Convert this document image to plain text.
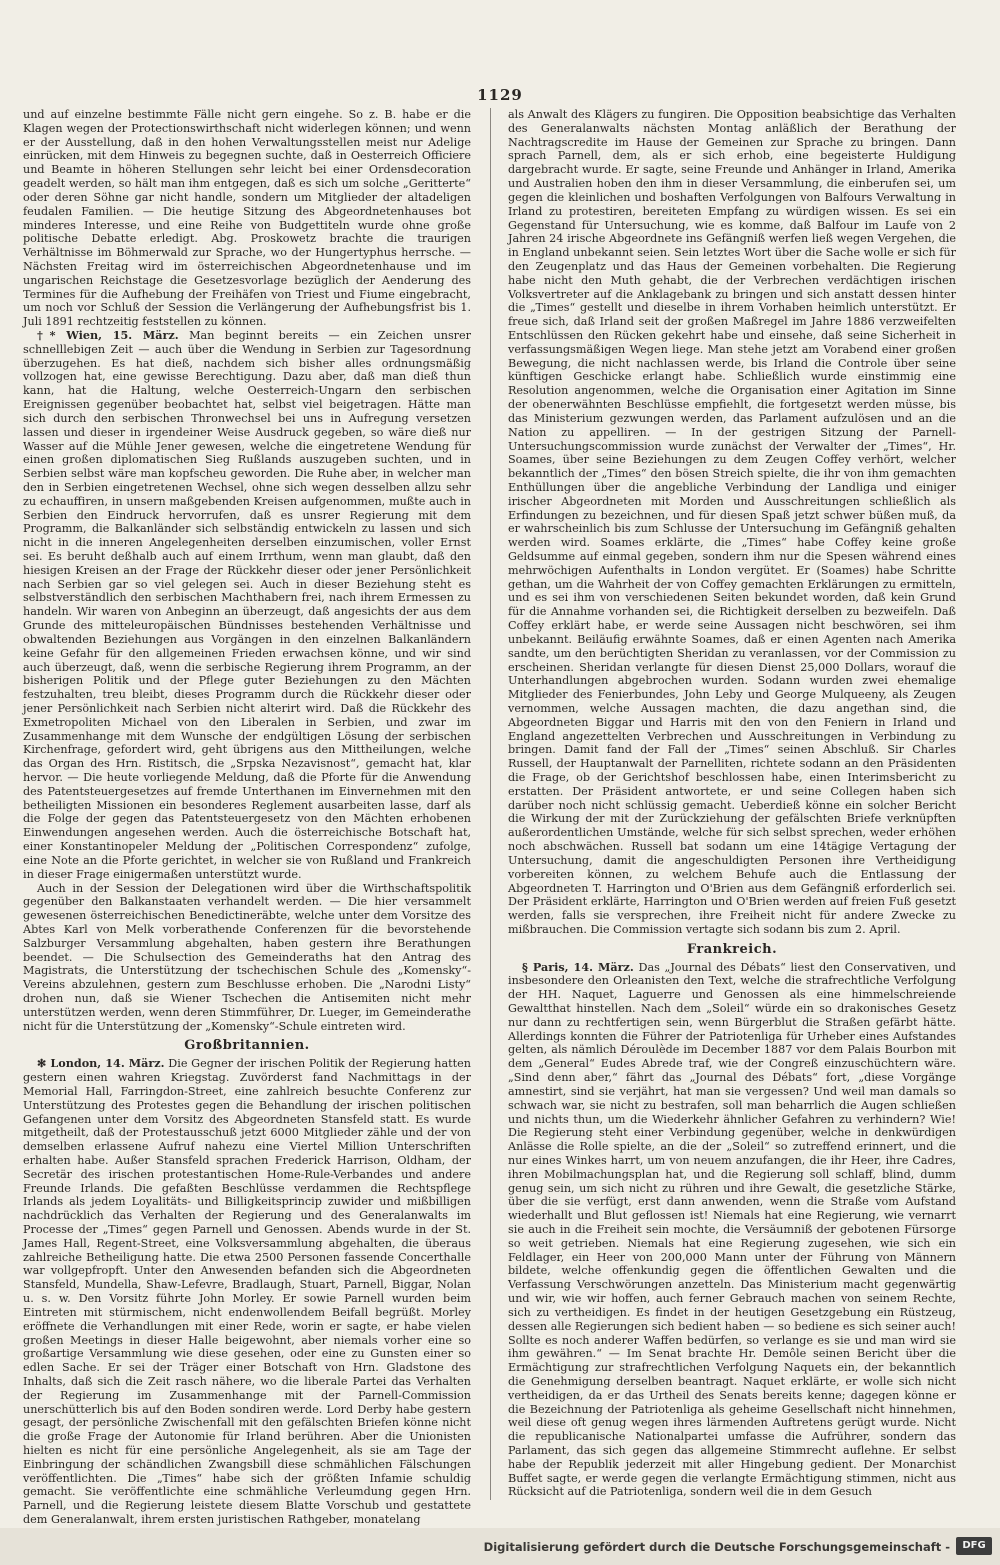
1129

und auf einzelne bestimmte Fälle nicht gern eingehe. So z. B. habe er die Klagen wegen der Protectionswirthschaft nicht widerlegen können; und wenn er der Ausstellung, daß in den hohen Verwaltungsstellen meist nur Adelige einrücken, mit dem Hinweis zu begegnen suchte, daß in Oesterreich Officiere und Beamte in höheren Stellungen sehr leicht bei einer Ordensdecoration geadelt werden, so hält man ihm entgegen, daß es sich um solche „Geritterte“ oder deren Söhne gar nicht handle, sondern um Mitglieder der altadeligen feudalen Familien. — Die heutige Sitzung des Abgeordnetenhauses bot minderes Interesse, und eine Reihe von Budgettiteln wurde ohne große politische Debatte erledigt. Abg. Proskowetz brachte die traurigen Verhältnisse im Böhmerwald zur Sprache, wo der Hungertyphus herrsche. — Nächsten Freitag wird im österreichischen Abgeordnetenhause und im ungarischen Reichstage die Gesetzesvorlage bezüglich der Aenderung des Termines für die Aufhebung der Freihäfen von Triest und Fiume eingebracht, um noch vor Schluß der Session die Verlängerung der Aufhebungsfrist bis 1. Juli 1891 rechtzeitig feststellen zu können.

†* Wien, 15. März. Man beginnt bereits — ein Zeichen unsrer schnelllebigen Zeit — auch über die Wendung in Serbien zur Tagesordnung überzugehen. Es hat dieß, nachdem sich bisher alles ordnungsmäßig vollzogen hat, eine gewisse Berechtigung. Dazu aber, daß man dieß thun kann, hat die Haltung, welche Oesterreich-Ungarn den serbischen Ereignissen gegenüber beobachtet hat, selbst viel beigetragen. Hätte man sich durch den serbischen Thronwechsel bei uns in Aufregung versetzen lassen und dieser in irgendeiner Weise Ausdruck gegeben, so wäre dieß nur Wasser auf die Mühle Jener gewesen, welche die eingetretene Wendung für einen großen diplomatischen Sieg Rußlands auszugeben suchten, und in Serbien selbst wäre man kopfscheu geworden. Die Ruhe aber, in welcher man den in Serbien eingetretenen Wechsel, ohne sich wegen desselben allzu sehr zu echauffiren, in unsern maßgebenden Kreisen aufgenommen, mußte auch in Serbien den Eindruck hervorrufen, daß es unsrer Regierung mit dem Programm, die Balkanländer sich selbständig entwickeln zu lassen und sich nicht in die inneren Angelegenheiten derselben einzumischen, voller Ernst sei. Es beruht deßhalb auch auf einem Irrthum, wenn man glaubt, daß den hiesigen Kreisen an der Frage der Rückkehr dieser oder jener Persönlichkeit nach Serbien gar so viel gelegen sei. Auch in dieser Beziehung steht es selbstverständlich den serbischen Machthabern frei, nach ihrem Ermessen zu handeln. Wir waren von Anbeginn an überzeugt, daß angesichts der aus dem Grunde des mitteleuropäischen Bündnisses bestehenden Verhältnisse und obwaltenden Beziehungen aus Vorgängen in den einzelnen Balkanländern keine Gefahr für den allgemeinen Frieden erwachsen könne, und wir sind auch überzeugt, daß, wenn die serbische Regierung ihrem Programm, an der bisherigen Politik und der Pflege guter Beziehungen zu den Mächten festzuhalten, treu bleibt, dieses Programm durch die Rückkehr dieser oder jener Persönlichkeit nach Serbien nicht alterirt wird. Daß die Rückkehr des Exmetropoliten Michael von den Liberalen in Serbien, und zwar im Zusammenhange mit dem Wunsche der endgültigen Lösung der serbischen Kirchenfrage, gefordert wird, geht übrigens aus den Mittheilungen, welche das Organ des Hrn. Ristitsch, die „Srpska Nezavisnost“, gemacht hat, klar hervor. — Die heute vorliegende Meldung, daß die Pforte für die Anwendung des Patentsteuergesetzes auf fremde Unterthanen im Einvernehmen mit den betheiligten Missionen ein besonderes Reglement ausarbeiten lasse, darf als die Folge der gegen das Patentsteuergesetz von den Mächten erhobenen Einwendungen angesehen werden. Auch die österreichische Botschaft hat, einer Konstantinopeler Meldung der „Politischen Correspondenz“ zufolge, eine Note an die Pforte gerichtet, in welcher sie von Rußland und Frankreich in dieser Frage einigermaßen unterstützt wurde.

Auch in der Session der Delegationen wird über die Wirthschaftspolitik gegenüber den Balkanstaaten verhandelt werden. — Die hier versammelt gewesenen österreichischen Benedictineräbte, welche unter dem Vorsitze des Abtes Karl von Melk vorberathende Conferenzen für die bevorstehende Salzburger Versammlung abgehalten, haben gestern ihre Berathungen beendet. — Die Schulsection des Gemeinderaths hat den Antrag des Magistrats, die Unterstützung der tschechischen Schule des „Komensky“-Vereins abzulehnen, gestern zum Beschlusse erhoben. Die „Narodni Listy“ drohen nun, daß sie Wiener Tschechen die Antisemiten nicht mehr unterstützen werden, wenn deren Stimmführer, Dr. Lueger, im Gemeinderathe nicht für die Unterstützung der „Komensky“-Schule eintreten wird.

Großbritannien.

✻ London, 14. März. Die Gegner der irischen Politik der Regierung hatten gestern einen wahren Kriegstag. Zuvörderst fand Nachmittags in der Memorial Hall, Farringdon-Street, eine zahlreich besuchte Conferenz zur Unterstützung des Protestes gegen die Behandlung der irischen politischen Gefangenen unter dem Vorsitz des Abgeordneten Stansfeld statt. Es wurde mitgetheilt, daß der Protestausschuß jetzt 6000 Mitglieder zähle und der von demselben erlassene Aufruf nahezu eine Viertel Million Unterschriften erhalten habe. Außer Stansfeld sprachen Frederick Harrison, Oldham, der Secretär des irischen protestantischen Home-Rule-Verbandes und andere Freunde Irlands. Die gefaßten Beschlüsse verdammen die Rechtspflege Irlands als jedem Loyalitäts- und Billigkeitsprincip zuwider und mißbilligen nachdrücklich das Verhalten der Regierung und des Generalanwalts im Processe der „Times“ gegen Parnell und Genossen. Abends wurde in der St. James Hall, Regent-Street, eine Volksversammlung abgehalten, die überaus zahlreiche Betheiligung hatte. Die etwa 2500 Personen fassende Concerthalle war vollgepfropft. Unter den Anwesenden befanden sich die Abgeordneten Stansfeld, Mundella, Shaw-Lefevre, Bradlaugh, Stuart, Parnell, Biggar, Nolan u. s. w. Den Vorsitz führte John Morley. Er sowie Parnell wurden beim Eintreten mit stürmischem, nicht endenwollendem Beifall begrüßt. Morley eröffnete die Verhandlungen mit einer Rede, worin er sagte, er habe vielen großen Meetings in dieser Halle beigewohnt, aber niemals vorher eine so großartige Versammlung wie diese gesehen, oder eine zu Gunsten einer so edlen Sache. Er sei der Träger einer Botschaft von Hrn. Gladstone des Inhalts, daß sich die Zeit rasch nähere, wo die liberale Partei das Verhalten der Regierung im Zusammenhange mit der Parnell-Commission unerschütterlich bis auf den Boden sondiren werde. Lord Derby habe gestern gesagt, der persönliche Zwischenfall mit den gefälschten Briefen könne nicht die große Frage der Autonomie für Irland berühren. Aber die Unionisten hielten es nicht für eine persönliche Angelegenheit, als sie am Tage der Einbringung der schändlichen Zwangsbill diese schmählichen Fälschungen veröffentlichten. Die „Times“ habe sich der größten Infamie schuldig gemacht. Sie veröffentlichte eine schmähliche Verleumdung gegen Hrn. Parnell, und die Regierung leistete diesem Blatte Vorschub und gestattete dem Generalanwalt, ihrem ersten juristischen Rathgeber, monatelang

als Anwalt des Klägers zu fungiren. Die Opposition beabsichtige das Verhalten des Generalanwalts nächsten Montag anläßlich der Berathung der Nachtragscredite im Hause der Gemeinen zur Sprache zu bringen. Dann sprach Parnell, dem, als er sich erhob, eine begeisterte Huldigung dargebracht wurde. Er sagte, seine Freunde und Anhänger in Irland, Amerika und Australien hoben den ihm in dieser Versammlung, die einberufen sei, um gegen die kleinlichen und boshaften Verfolgungen von Balfours Verwaltung in Irland zu protestiren, bereiteten Empfang zu würdigen wissen. Es sei ein Gegenstand für Untersuchung, wie es komme, daß Balfour im Laufe von 2 Jahren 24 irische Abgeordnete ins Gefängniß werfen ließ wegen Vergehen, die in England unbekannt seien. Sein letztes Wort über die Sache wolle er sich für den Zeugenplatz und das Haus der Gemeinen vorbehalten. Die Regierung habe nicht den Muth gehabt, die der Verbrechen verdächtigen irischen Volksvertreter auf die Anklagebank zu bringen und sich anstatt dessen hinter die „Times“ gestellt und dieselbe in ihrem Vorhaben heimlich unterstützt. Er freue sich, daß Irland seit der großen Maßregel im Jahre 1886 verzweifelten Entschlüssen den Rücken gekehrt habe und einsehe, daß seine Sicherheit in verfassungsmäßigen Wegen liege. Man stehe jetzt am Vorabend einer großen Bewegung, die nicht nachlassen werde, bis Irland die Controle über seine künftigen Geschicke erlangt habe. Schließlich wurde einstimmig eine Resolution angenommen, welche die Organisation einer Agitation im Sinne der obenerwähnten Beschlüsse empfiehlt, die fortgesetzt werden müsse, bis das Ministerium gezwungen werden, das Parlament aufzulösen und an die Nation zu appelliren. — In der gestrigen Sitzung der Parnell-Untersuchungscommission wurde zunächst der Verwalter der „Times“, Hr. Soames, über seine Beziehungen zu dem Zeugen Coffey verhört, welcher bekanntlich der „Times“ den bösen Streich spielte, die ihr von ihm gemachten Enthüllungen über die angebliche Verbindung der Landliga und einiger irischer Abgeordneten mit Morden und Ausschreitungen schließlich als Erfindungen zu bezeichnen, und für diesen Spaß jetzt schwer büßen muß, da er wahrscheinlich bis zum Schlusse der Untersuchung im Gefängniß gehalten werden wird. Soames erklärte, die „Times“ habe Coffey keine große Geldsumme auf einmal gegeben, sondern ihm nur die Spesen während eines mehrwöchigen Aufenthalts in London vergütet. Er (Soames) habe Schritte gethan, um die Wahrheit der von Coffey gemachten Erklärungen zu ermitteln, und es sei ihm von verschiedenen Seiten bekundet worden, daß kein Grund für die Annahme vorhanden sei, die Richtigkeit derselben zu bezweifeln. Daß Coffey erklärt habe, er werde seine Aussagen nicht beschwören, sei ihm unbekannt. Beiläufig erwähnte Soames, daß er einen Agenten nach Amerika sandte, um den berüchtigten Sheridan zu veranlassen, vor der Commission zu erscheinen. Sheridan verlangte für diesen Dienst 25,000 Dollars, worauf die Unterhandlungen abgebrochen wurden. Sodann wurden zwei ehemalige Mitglieder des Fenierbundes, John Leby und George Mulqueeny, als Zeugen vernommen, welche Aussagen machten, die dazu angethan sind, die Abgeordneten Biggar und Harris mit den von den Feniern in Irland und England angezettelten Verbrechen und Ausschreitungen in Verbindung zu bringen. Damit fand der Fall der „Times“ seinen Abschluß. Sir Charles Russell, der Hauptanwalt der Parnelliten, richtete sodann an den Präsidenten die Frage, ob der Gerichtshof beschlossen habe, einen Interimsbericht zu erstatten. Der Präsident antwortete, er und seine Collegen haben sich darüber noch nicht schlüssig gemacht. Ueberdieß könne ein solcher Bericht die Wirkung der mit der Zurückziehung der gefälschten Briefe verknüpften außerordentlichen Umstände, welche für sich selbst sprechen, weder erhöhen noch abschwächen. Russell bat sodann um eine 14tägige Vertagung der Untersuchung, damit die angeschuldigten Personen ihre Vertheidigung vorbereiten können, zu welchem Behufe auch die Entlassung der Abgeordneten T. Harrington und O'Brien aus dem Gefängniß erforderlich sei. Der Präsident erklärte, Harrington und O'Brien werden auf freien Fuß gesetzt werden, falls sie versprechen, ihre Freiheit nicht für andere Zwecke zu mißbrauchen. Die Commission vertagte sich sodann bis zum 2. April.

Frankreich.

§ Paris, 14. März. Das „Journal des Débats“ liest den Conservativen, und insbesondere den Orleanisten den Text, welche die strafrechtliche Verfolgung der HH. Naquet, Laguerre und Genossen als eine himmelschreiende Gewaltthat hinstellen. Nach dem „Soleil“ würde ein so drakonisches Gesetz nur dann zu rechtfertigen sein, wenn Bürgerblut die Straßen gefärbt hätte. Allerdings konnten die Führer der Patriotenliga für Urheber eines Aufstandes gelten, als nämlich Déroulède im December 1887 vor dem Palais Bourbon mit dem „General“ Eudes Abrede traf, wie der Congreß einzuschüchtern wäre. „Sind denn aber,“ fährt das „Journal des Débats“ fort, „diese Vorgänge amnestirt, sind sie verjährt, hat man sie vergessen? Und weil man damals so schwach war, sie nicht zu bestrafen, soll man beharrlich die Augen schließen und nichts thun, um die Wiederkehr ähnlicher Gefahren zu verhindern? Wie! Die Regierung steht einer Verbindung gegenüber, welche in denkwürdigen Anlässe die Rolle spielte, an die der „Soleil“ so zutreffend erinnert, und die nur eines Winkes harrt, um von neuem anzufangen, die ihr Heer, ihre Cadres, ihren Mobilmachungsplan hat, und die Regierung soll schlaff, blind, dumm genug sein, um sich nicht zu rühren und ihre Gewalt, die gesetzliche Stärke, über die sie verfügt, erst dann anwenden, wenn die Straße vom Aufstand wiederhallt und Blut geflossen ist! Niemals hat eine Regierung, wie vernarrt sie auch in die Freiheit sein mochte, die Versäumniß der gebotenen Fürsorge so weit getrieben. Niemals hat eine Regierung zugesehen, wie sich ein Feldlager, ein Heer von 200,000 Mann unter der Führung von Männern bildete, welche offenkundig gegen die öffentlichen Gewalten und die Verfassung Verschwörungen anzetteln. Das Ministerium macht gegenwärtig und wir, wie wir hoffen, auch ferner Gebrauch machen von seinem Rechte, sich zu vertheidigen. Es findet in der heutigen Gesetzgebung ein Rüstzeug, dessen alle Regierungen sich bedient haben — so bediene es sich seiner auch! Sollte es noch anderer Waffen bedürfen, so verlange es sie und man wird sie ihm gewähren.“ — Im Senat brachte Hr. Demôle seinen Bericht über die Ermächtigung zur strafrechtlichen Verfolgung Naquets ein, der bekanntlich die Genehmigung derselben beantragt. Naquet erklärte, er wolle sich nicht vertheidigen, da er das Urtheil des Senats bereits kenne; dagegen könne er die Bezeichnung der Patriotenliga als geheime Gesellschaft nicht hinnehmen, weil diese oft genug wegen ihres lärmenden Auftretens gerügt wurde. Nicht die republicanische Nationalpartei umfasse die Aufrührer, sondern das Parlament, das sich gegen das allgemeine Stimmrecht auflehne. Er selbst habe der Republik jederzeit mit aller Hingebung gedient. Der Monarchist Buffet sagte, er werde gegen die verlangte Ermächtigung stimmen, nicht aus Rücksicht auf die Patriotenliga, sondern weil die in dem Gesuch

Digitalisierung gefördert durch die Deutsche Forschungsgemeinschaft -	DFG
